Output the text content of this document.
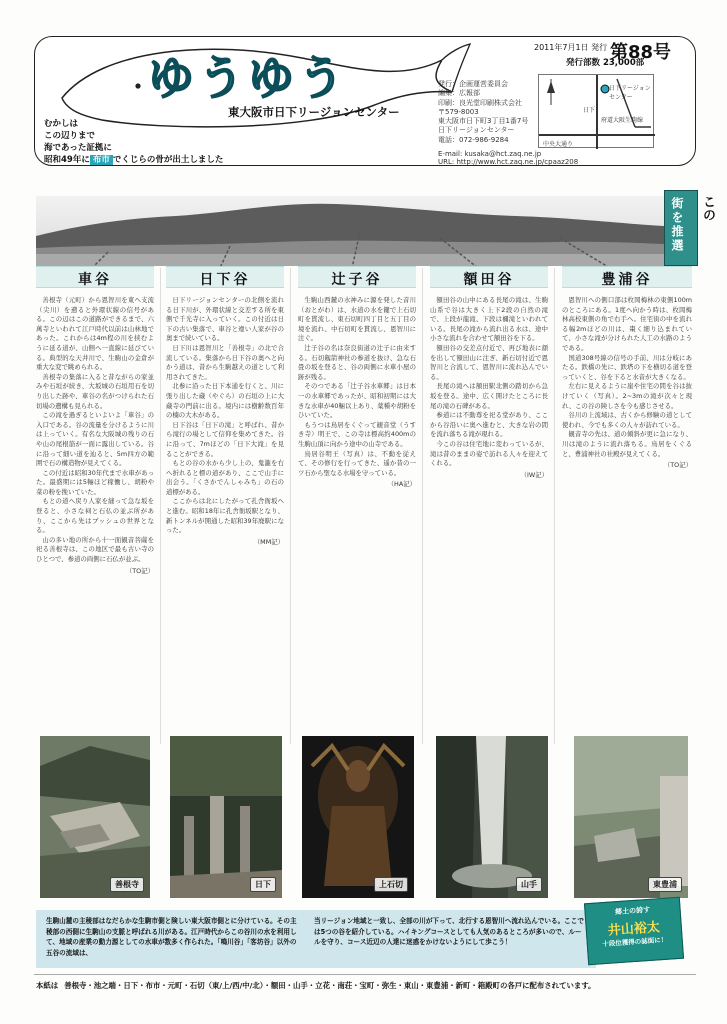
ゆうゆう
東大阪市日下リージョンセンター
むかしは
この辺りまで
海であった証拠に
昭和49年に 布市 でくじらの骨が出土しました
発行：企画運営委員会
編集：広報部
印刷：良光堂印刷株式会社
〒579-8003
東大阪市日下町3丁目1番7号
日下リージョンセンター
電話：072-986-9284
E-mail: kusaka@hct.zaq.ne.jp
URL: http://www.hct.zaq.ne.jp/cpaaz208
2011年7月1日 発行 第88号
発行部数 23,000部
日下リージョンセンター
日下
中央大通り
府道大阪生駒線
街を推選 この
車谷

善根寺（元町）から恩智川を東へ支流（尖川）を遡ると外環状線の信号がある。この辺はこの道路ができるまで、六萬寺といわれて江戸時代以前は山林地であった。これからは4m程の川を挟むように延る道が、山側へ一直線に延びている。典型的な天井川で、生駒山の金倉が重大な変で眺められる。

善根寺の集落に入ると昔ながらの家並みや石垣が続き、大坂城の石垣用石を切り出した跡や、車谷の名がつけられた石切場の遺構も見られる。

この滝を過ぎるといよいよ「車谷」の入口である。谷の流量を分けるように川は上っていく。有名な大阪城の残りの石や山の尾根筋が一面に露出している。谷に沿って細い道を辿ると、5m四方の範囲で石の構造物が見えてくる。

この付近は昭和30年代まで水車があった。最盛期には5輛ほど稼働し、胡粉や菜の粉を挽いていた。

もとの道へ戻り人家を縫って急な坂を登ると、小さな祠と石仏の並ぶ所があり、ここから先はブッシュの世界となる。

山の多い地の所から十一面観音菩薩を祀る善根寺は、この地区で最も古い寺のひとつで、参道の両側に石仏が並ぶ。

（TO記）
日下谷

日下リージョンセンターの北側を流れる日下川が、外環状線と交差する所を東側で千光寺に入っていく。この付近は日下の古い集落で、車谷と違い人家が谷の奥まで続いている。

日下川は恩智川と「善根寺」の北で合流している。集落から日下谷の奥へと向かう道は、昔から生駒越えの道として利用されてきた。

北参に沿った日下本通を行くと、川に張り出した蔵（やぐら）の石垣の上に大蔵寺の門前に出る。境内には樹齢数百年の楠の大木がある。

日下谷は「日下の滝」と呼ばれ、昔から滝行の場として信仰を集めてきた。谷に沿って、7mほどの「日下大滝」を見ることができる。

もとの谷の水から少し上の、鬼瀧を右へ折れると標の道があり、ここで山手に出会う。「くさかでんしゃみち」の石の道標がある。

ここからは北にしたがって孔舎衙坂へと進む。昭和18年に孔舎衙坂駅となり、新トンネルが開通した昭和39年廃駅になった。

（MM記）
辻子谷

生駒山西麓の水神みに源を発した音川（おとがわ）は、水道の水を鍵で上石切町を貫流し、東石切町四丁目と五丁目の境を流れ、中石切町を貫流し、恩智川に注ぐ。

辻子谷の名は奈良街道の辻子に由来する。石切劔箭神社の参道を抜け、急な石畳の坂を登ると、谷の両側に水車小屋の跡が残る。

そのつである「辻子谷水車郷」は日本一の水車郷であったが、昭和初期には大きな水車が40輛以上あり、薬種や胡粉をひいていた。

もうつは鳥居をくぐって観音堂（うすき寺）明王で、この寺は標高約400mの生駒山頂に向かう途中の山寺である。

鳥居谷明王（写真）は、不動を従えて、その修行を行ってきた、遥か昔の一ツ石から聖なる水場を守っている。

（HA記）
額田谷

額田谷の山中にある長尾の滝は、生駒山系で谷は大きく上下2段の自然の滝で、上段が龍滝、下段は禰滝といわれている。長尾の滝から流れ出る水は、途中小さな流れを合わせて額田谷を下る。

額田谷の交差点付近で、再び地表に顔を出して額田山に注ぎ、新石切付近で恩智川と合流して、恩智川に流れ込んでいる。

長尾の滝へは額田駅北側の踏切から急坂を登る。途中、広く開けたところに長尾の滝の石碑がある。

参道には不動尊を祀る堂があり、ここから谷沿いに奥へ進むと、大きな岩の間を流れ落ちる滝が現れる。

今この谷は住宅地に変わっているが、滝は昔のままの姿で訪れる人々を迎えてくれる。

（IW記）
豊浦谷

恩智川への側口部は枚岡梅林の東側100mのところにある。1度へ向かう時は、枚岡梅林高校東側の角で右手へ。住宅街の中を流れる幅2mほどの川は、棗く細り込まれていて、小さな滝が分けられた人工の水路のようである。

国道308号線の信号の手前、川は分岐にあたる。鉄橋の先に、鉄塔の下を横切る道を登っていくと、谷を下ると水音が大きくなる。

左右に見えるように崖や住宅の間を谷は抜けていく（写真）。2~3mの滝が次々と現れ、この谷の険しさを今も感じさせる。

谷川の上流域は、古くから修験の道として使われ、今でも多くの人々が訪れている。

観音寺の先は、道の傾斜が更に急になり、川は滝のように流れ落ちる。鳥居をくぐると、豊浦神社の社殿が見えてくる。

（TO記）
善根寺	日下	上石切	山手	東豊浦
生駒山麓の主稜部はなだらかな生駒市側と険しい東大阪市側とに分けている。その主稜部の西側に生駒山の支脈と呼ばれる川がある。江戸時代からこの谷川の水を利用して、地域の産業の動力源としての水車が数多く作られた。「鳴川谷」「客坊谷」以外の五谷の流域は、
当リージョン地域と一致し、全部の川が下って、北行する恩智川へ流れ込んでいる。ここでは5つの谷を紹介している。ハイキングコースとしても人気のあるところが多いので、ルールを守り、コース近辺の人達に迷惑をかけないようにして歩こう！
郷土の誇す
井山裕太
十段位獲得の誌面に！
本紙は 善根寺・池之端・日下・布市・元町・石切（東/上/西/中/北）・額田・山手・立花・南荘・宝町・弥生・東山・東豊浦・新町・箱殿町の各戸に配布されています。
